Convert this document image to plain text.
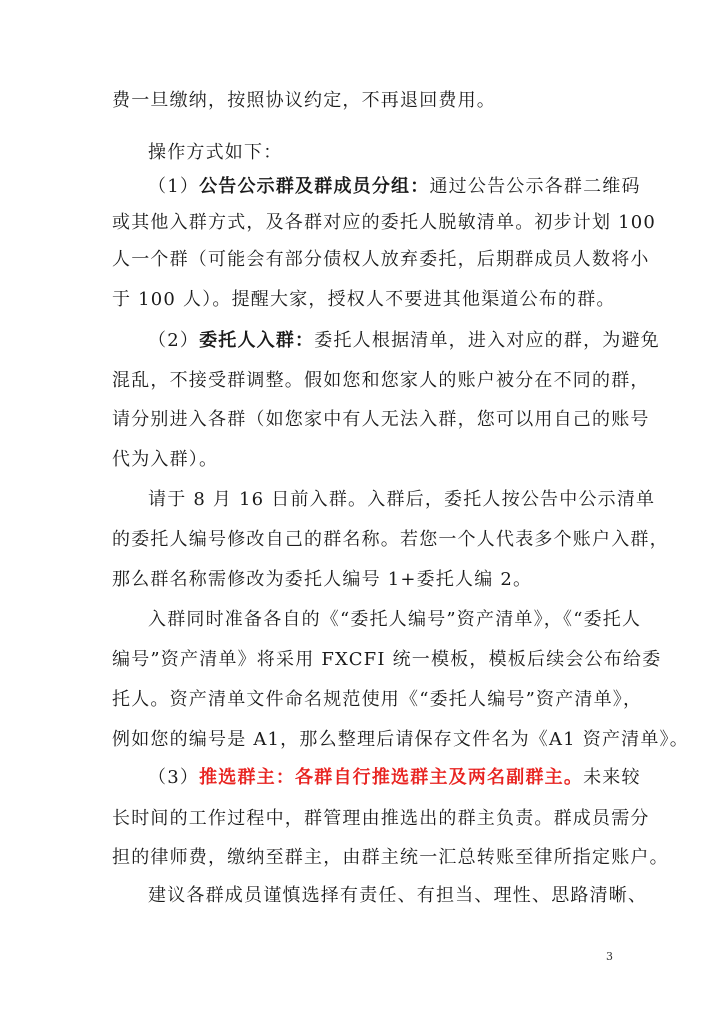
费一旦缴纳，按照协议约定，不再退回费用。
操作方式如下：
（1）公告公示群及群成员分组：通过公告公示各群二维码
或其他入群方式，及各群对应的委托人脱敏清单。初步计划 100
人一个群（可能会有部分债权人放弃委托，后期群成员人数将小
于 100 人）。提醒大家，授权人不要进其他渠道公布的群。
（2）委托人入群：委托人根据清单，进入对应的群，为避免
混乱，不接受群调整。假如您和您家人的账户被分在不同的群，
请分别进入各群（如您家中有人无法入群，您可以用自己的账号
代为入群）。
请于 8 月 16 日前入群。入群后，委托人按公告中公示清单
的委托人编号修改自己的群名称。若您一个人代表多个账户入群，
那么群名称需修改为委托人编号 1+委托人编 2。
入群同时准备各自的《“委托人编号”资产清单》，《“委托人
编号”资产清单》将采用 FXCFI 统一模板，模板后续会公布给委
托人。资产清单文件命名规范使用《“委托人编号”资产清单》，
例如您的编号是 A1，那么整理后请保存文件名为《A1 资产清单》。
（3）推选群主：各群自行推选群主及两名副群主。未来较
长时间的工作过程中，群管理由推选出的群主负责。群成员需分
担的律师费，缴纳至群主，由群主统一汇总转账至律所指定账户。
建议各群成员谨慎选择有责任、有担当、理性、思路清晰、
3
